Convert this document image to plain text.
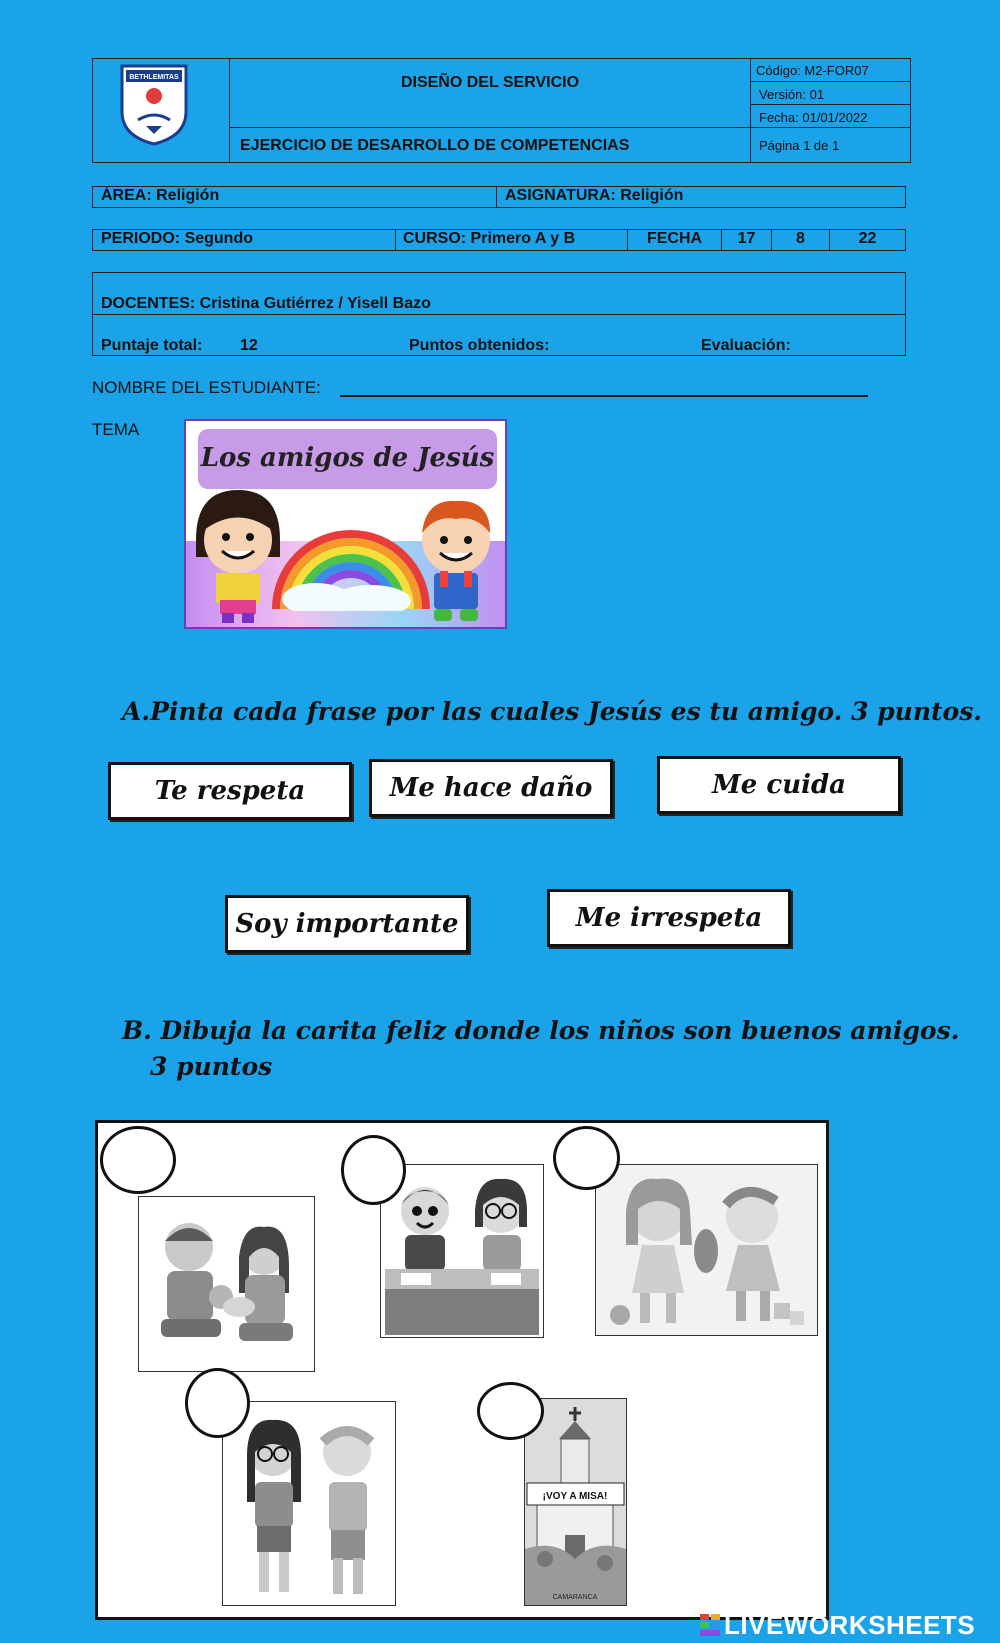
BETHLEMITAS	DISEÑO DEL SERVICIO
EJERCICIO DE DESARROLLO DE COMPETENCIAS
Código: M2-FOR07
Versión: 01
Fecha: 01/01/2022
Página 1 de 1
ÁREA: Religión	ASIGNATURA: Religión
PERIODO: Segundo	CURSO: Primero A y B	FECHA	17	8	22
DOCENTES: Cristina Gutiérrez / Yisell Bazo
Puntaje total: 12	Puntos obtenidos:	Evaluación:
NOMBRE DEL ESTUDIANTE:
TEMA
Los amigos de Jesús
A.Pinta cada frase por las cuales Jesús es tu amigo. 3 puntos.
Te respeta	Me hace daño	Me cuida
Soy importante	Me irrespeta
B. Dibuja la carita feliz donde los niños son buenos amigos.
3 puntos
¡VOY A MISA!
CAMARANCA
LIVEWORKSHEETS
